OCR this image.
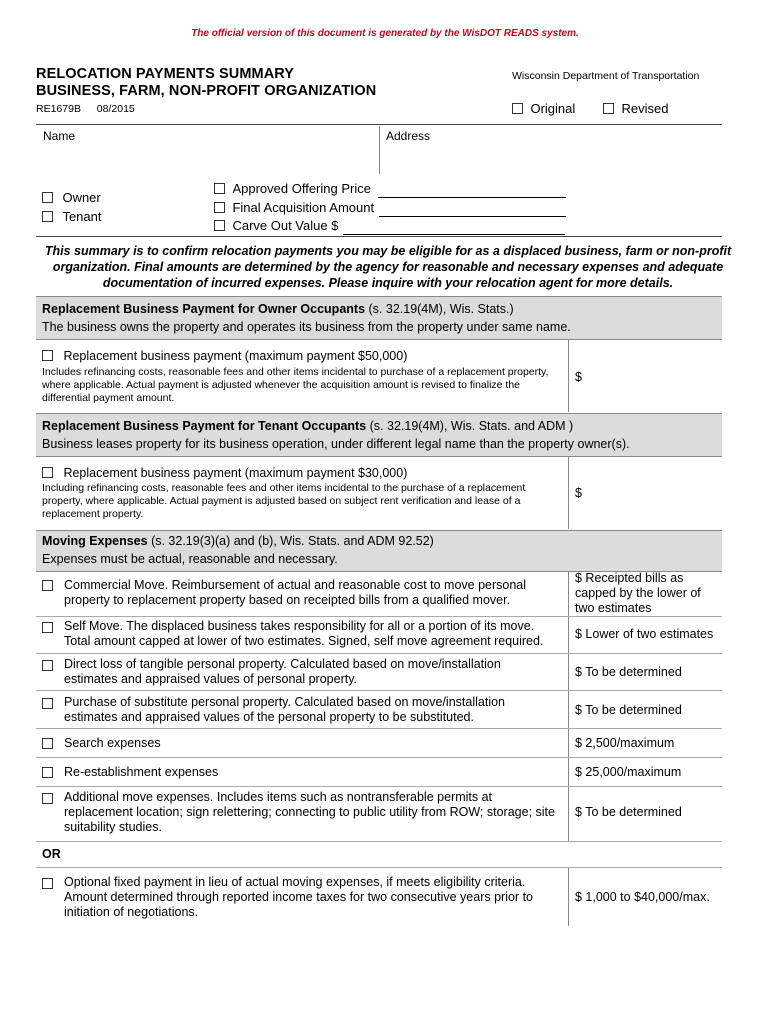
The official version of this document is generated by the WisDOT READS system.
RELOCATION PAYMENTS SUMMARY
BUSINESS, FARM, NON-PROFIT ORGANIZATION
RE1679B 08/2015
Wisconsin Department of Transportation
Original	Revised
Name	Address
Owner
Tenant
Approved Offering Price
Final Acquisition Amount
Carve Out Value $
This summary is to confirm relocation payments you may be eligible for as a displaced business, farm or non-profit organization. Final amounts are determined by the agency for reasonable and necessary expenses and adequate documentation of incurred expenses. Please inquire with your relocation agent for more details.
Replacement Business Payment for Owner Occupants (s. 32.19(4M), Wis. Stats.)
The business owns the property and operates its business from the property under same name.
Replacement business payment (maximum payment $50,000)
Includes refinancing costs, reasonable fees and other items incidental to purchase of a replacement property, where applicable. Actual payment is adjusted whenever the acquisition amount is revised to finalize the differential payment amount.
$
Replacement Business Payment for Tenant Occupants (s. 32.19(4M), Wis. Stats. and ADM )
Business leases property for its business operation, under different legal name than the property owner(s).
Replacement business payment (maximum payment $30,000)
Including refinancing costs, reasonable fees and other items incidental to the purchase of a replacement property, where applicable. Actual payment is adjusted based on subject rent verification and lease of a replacement property.
$
Moving Expenses (s. 32.19(3)(a) and (b), Wis. Stats. and ADM 92.52)
Expenses must be actual, reasonable and necessary.
Commercial Move. Reimbursement of actual and reasonable cost to move personal property to replacement property based on receipted bills from a qualified mover.
$ Receipted bills as capped by the lower of two estimates
Self Move. The displaced business takes responsibility for all or a portion of its move. Total amount capped at lower of two estimates. Signed, self move agreement required.	$ Lower of two estimates
Direct loss of tangible personal property. Calculated based on move/installation estimates and appraised values of personal property.	$ To be determined
Purchase of substitute personal property. Calculated based on move/installation estimates and appraised values of the personal property to be substituted.	$ To be determined
Search expenses	$ 2,500/maximum
Re-establishment expenses	$ 25,000/maximum
Additional move expenses. Includes items such as nontransferable permits at replacement location; sign relettering; connecting to public utility from ROW; storage; site suitability studies.
$ To be determined
OR
Optional fixed payment in lieu of actual moving expenses, if meets eligibility criteria. Amount determined through reported income taxes for two consecutive years prior to initiation of negotiations.
$ 1,000 to $40,000/max.
